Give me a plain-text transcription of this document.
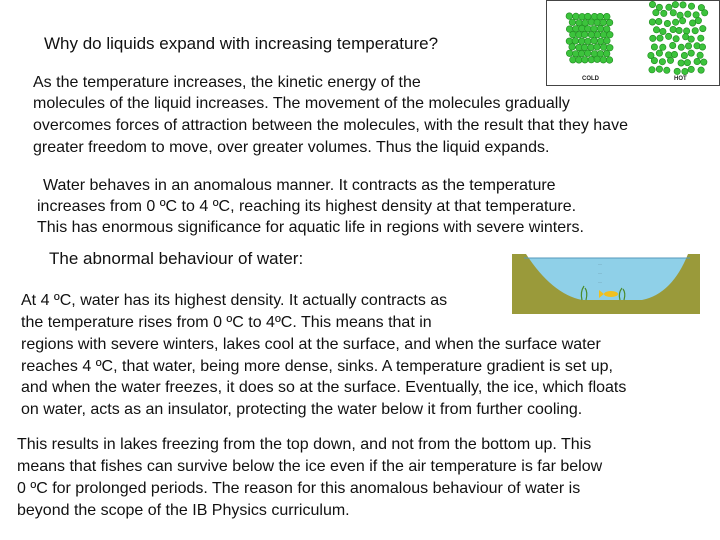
Why do liquids expand with increasing temperature?
COLD	HOT
As the temperature increases, the kinetic energy of the
molecules of the liquid increases. The movement of the molecules gradually
overcomes forces of attraction between the molecules, with the result that they have
greater freedom to move, over greater volumes. Thus the liquid expands.
Water behaves in an anomalous manner. It contracts as the temperature
increases from 0 ºC to 4 ºC, reaching its highest density at that temperature.
This has enormous significance for aquatic life in regions with severe winters.
The abnormal behaviour of water:	—
—
—
At 4 ºC, water has its highest density. It actually contracts as
the temperature rises from 0 ºC to 4ºC. This means that in
regions with severe winters, lakes cool at the surface, and when the surface water
reaches 4 ºC, that water, being more dense, sinks. A temperature gradient is set up,
and when the water freezes, it does so at the surface. Eventually, the ice, which floats
on water, acts as an insulator, protecting the water below it from further cooling.
This results in lakes freezing from the top down, and not from the bottom up. This
means that fishes can survive below the ice even if the air temperature is far below
0 ºC for prolonged periods. The reason for this anomalous behaviour of water is
beyond the scope of the IB Physics curriculum.
